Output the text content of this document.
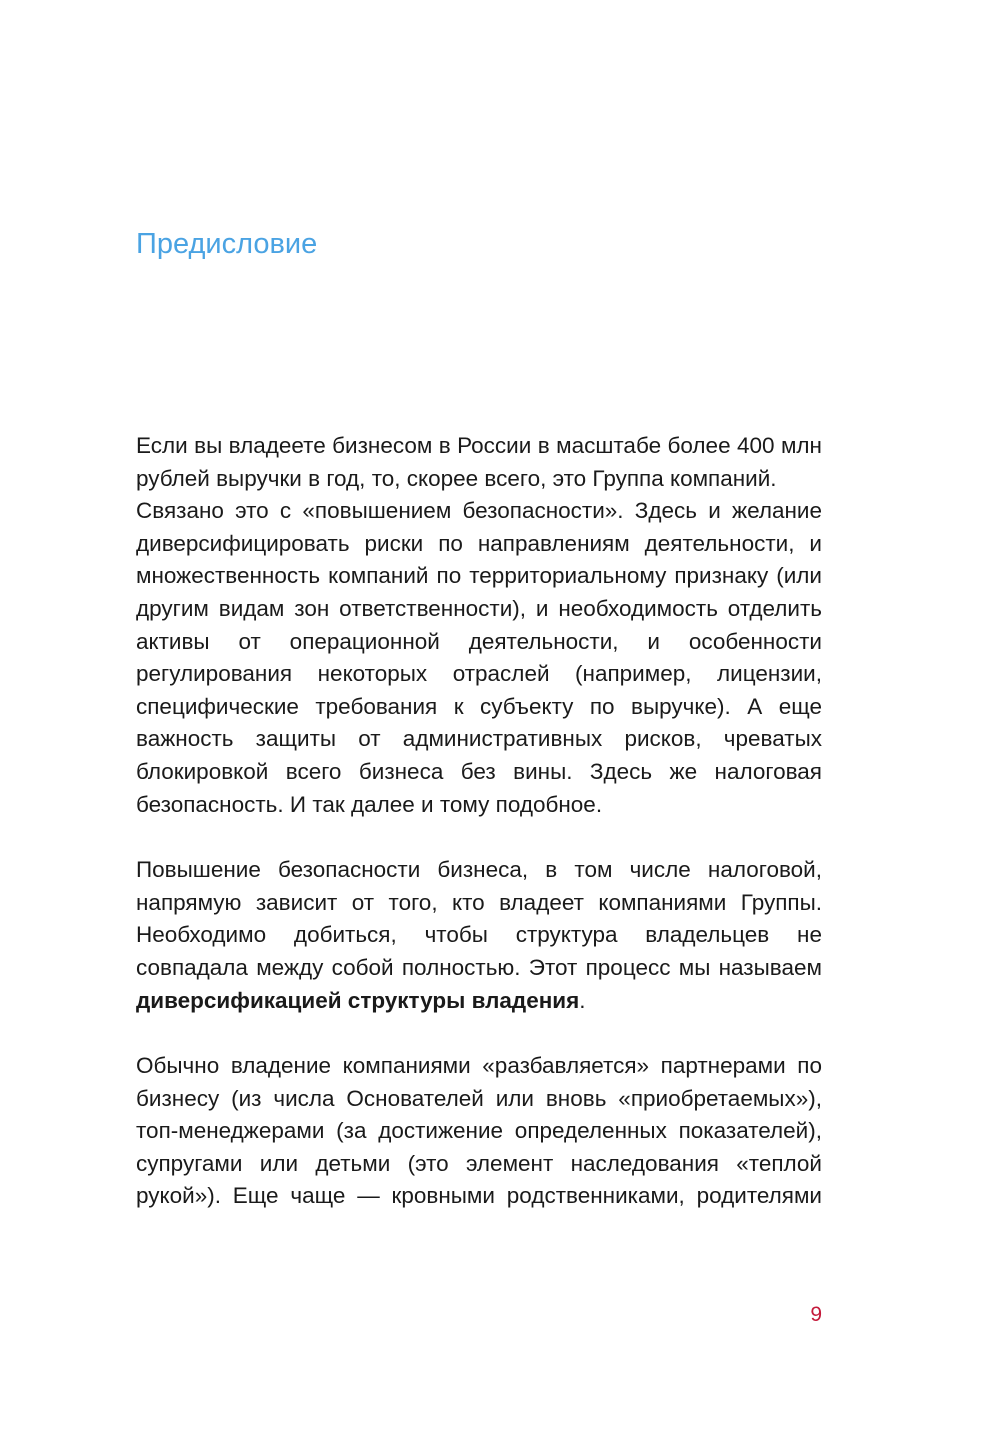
Предисловие

Если вы владеете бизнесом в России в масштабе более 400 млн рублей выручки в год, то, скорее всего, это Группа компаний.

Связано это с «повышением безопасности». Здесь и желание диверсифицировать риски по направлениям деятельности, и множественность компаний по территориальному признаку (или другим видам зон ответственности), и необходимость отделить активы от операционной деятельности, и особенности регулирования некоторых отраслей (например, лицензии, специфические требования к субъекту по выручке). А еще важность защиты от административных рисков, чреватых блокировкой всего бизнеса без вины. Здесь же налоговая безопасность. И так далее и тому подобное.

Повышение безопасности бизнеса, в том числе налоговой, напрямую зависит от того, кто владеет компаниями Группы. Необходимо добиться, чтобы структура владельцев не совпадала между собой полностью. Этот процесс мы называем диверсификацией структуры владения.

Обычно владение компаниями «разбавляется» партнерами по бизнесу (из числа Основателей или вновь «приобретаемых»), топ-менеджерами (за достижение определенных показателей), супругами или детьми (это элемент наследования «теплой рукой»). Еще чаще — кровными родственниками, родителями

9
